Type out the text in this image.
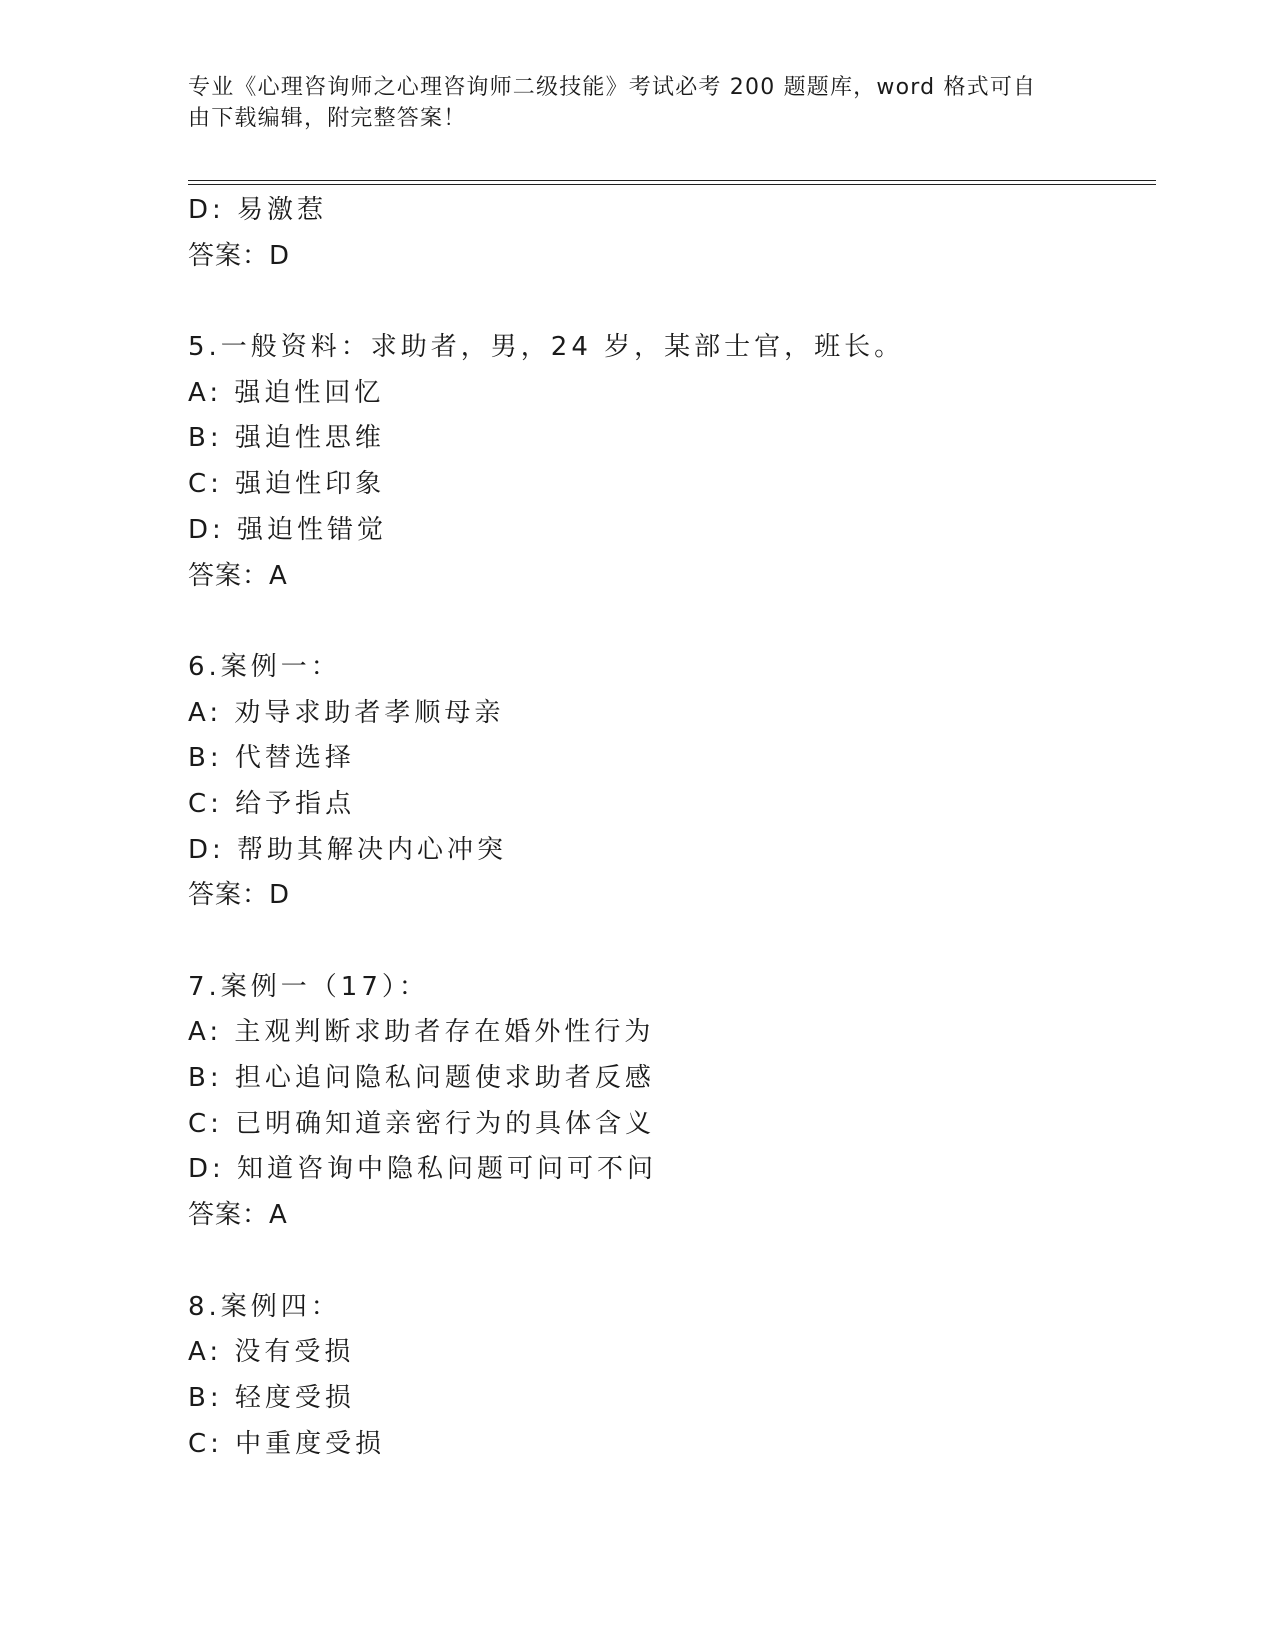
专业《心理咨询师之心理咨询师二级技能》考试必考 200 题题库，word 格式可自
由下载编辑，附完整答案！
D: 易激惹
答案：D
5.一般资料：求助者，男，24 岁，某部士官，班长。
A: 强迫性回忆
B: 强迫性思维
C: 强迫性印象
D: 强迫性错觉
答案：A
6.案例一：
A: 劝导求助者孝顺母亲
B: 代替选择
C: 给予指点
D: 帮助其解决内心冲突
答案：D
7.案例一（17）：
A: 主观判断求助者存在婚外性行为
B: 担心追问隐私问题使求助者反感
C: 已明确知道亲密行为的具体含义
D: 知道咨询中隐私问题可问可不问
答案：A
8.案例四：
A: 没有受损
B: 轻度受损
C: 中重度受损
